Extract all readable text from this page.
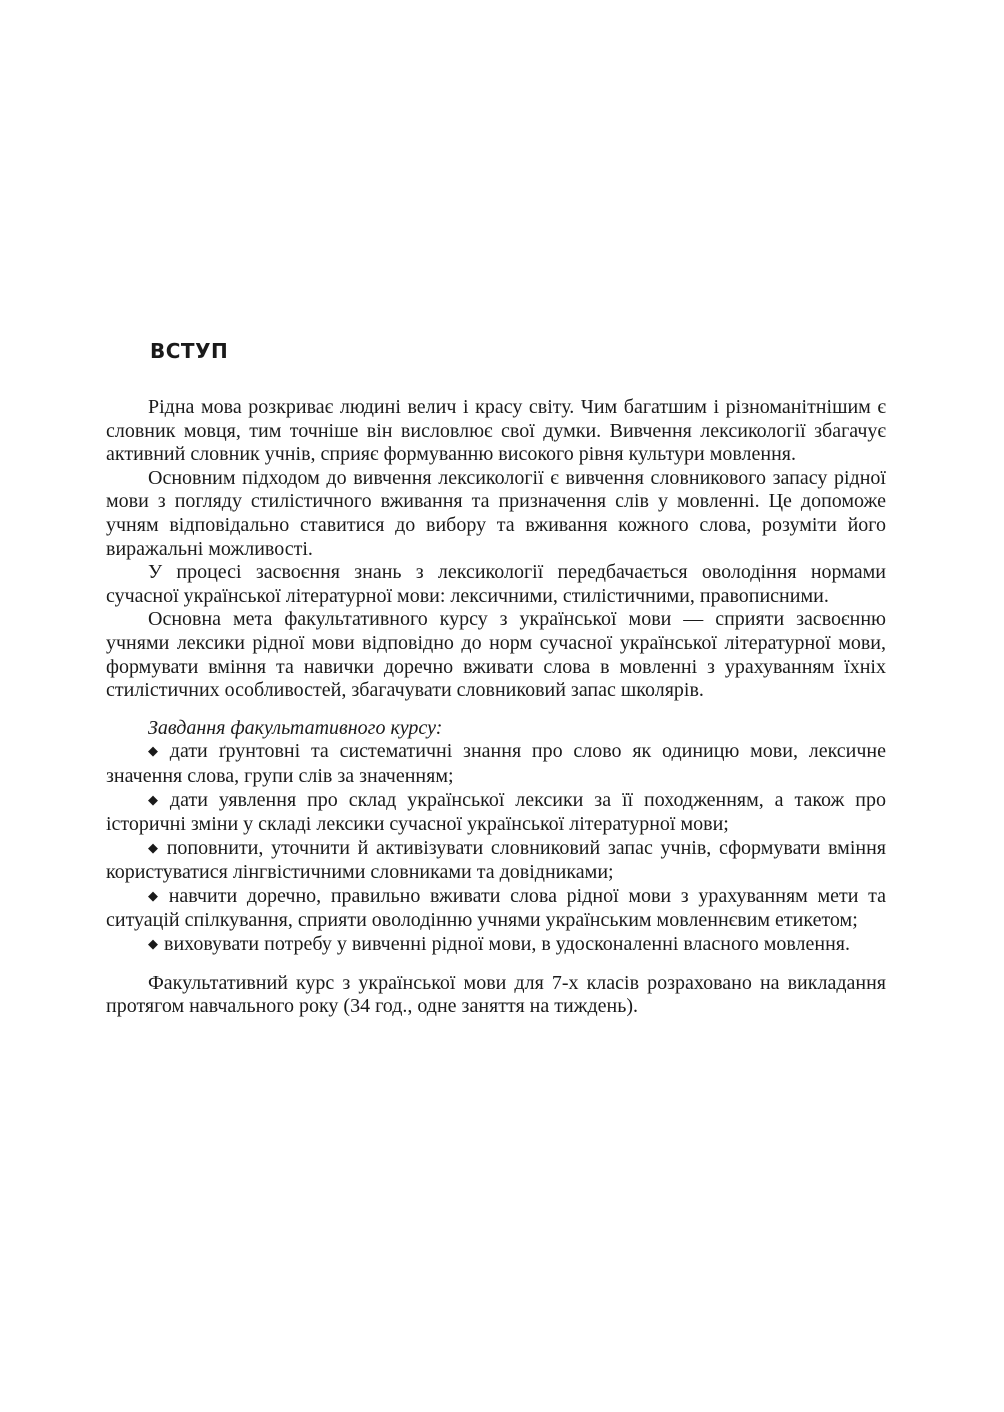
ВСТУП

Рідна мова розкриває людині велич і красу світу. Чим багатшим і різноманітнішим є словник мовця, тим точніше він висловлює свої думки. Вивчення лексикології збагачує активний словник учнів, сприяє формуванню високого рівня культури мовлення.

Основним підходом до вивчення лексикології є вивчення словникового запасу рідної мови з погляду стилістичного вживання та призначення слів у мовленні. Це допоможе учням відповідально ставитися до вибору та вживання кожного слова, розуміти його виражальні можливості.

У процесі засвоєння знань з лексикології передбачається оволодіння нормами сучасної української літературної мови: лексичними, стилістичними, правописними.

Основна мета факультативного курсу з української мови — сприяти засвоєнню учнями лексики рідної мови відповідно до норм сучасної української літературної мови, формувати вміння та навички доречно вживати слова в мовленні з урахуванням їхніх стилістичних особливостей, збагачувати словниковий запас школярів.

Завдання факультативного курсу:

◆ дати ґрунтовні та систематичні знання про слово як одиницю мови, лексичне значення слова, групи слів за значенням;

◆ дати уявлення про склад української лексики за її походженням, а також про історичні зміни у складі лексики сучасної української літературної мови;

◆ поповнити, уточнити й активізувати словниковий запас учнів, сформувати вміння користуватися лінгвістичними словниками та довідниками;

◆ навчити доречно, правильно вживати слова рідної мови з урахуванням мети та ситуацій спілкування, сприяти оволодінню учнями українським мовленнєвим етикетом;

◆ виховувати потребу у вивченні рідної мови, в удосконаленні власного мовлення.

Факультативний курс з української мови для 7-х класів розраховано на викладання протягом навчального року (34 год., одне заняття на тиждень).
